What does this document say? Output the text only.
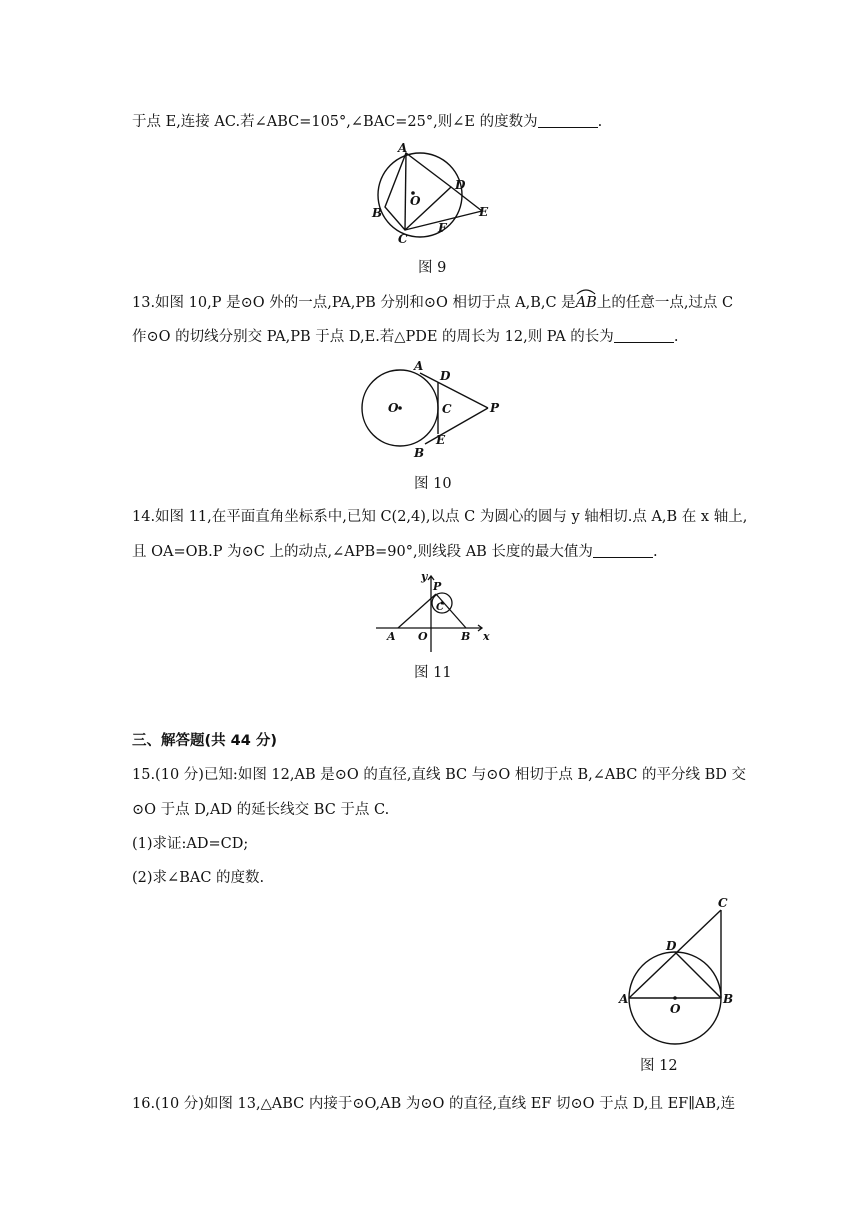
于点 E,连接 AC.若∠ABC=105°,∠BAC=25°,则∠E 的度数为	.
A
B
C
D
E
F
O
图 9
13.如图 10,P 是⊙O 外的一点,PA,PB 分别和⊙O 相切于点 A,B,C 是
AB上的任意一点,过点 C
作⊙O 的切线分别交 PA,PB 于点 D,E.若△PDE 的周长为 12,则 PA 的长为	.
A
B
C
D
E
P
O
图 10
14.如图 11,在平面直角坐标系中,已知 C(2,4),以点 C 为圆心的圆与 y 轴相切.点 A,B 在 x 轴上,
且 OA=OB.P 为⊙C 上的动点,∠APB=90°,则线段 AB 长度的最大值为	.
y
x
P
C
A O	B
图 11
三、解答题(共 44 分)
15.(10 分)已知:如图 12,AB 是⊙O 的直径,直线 BC 与⊙O 相切于点 B,∠ABC 的平分线 BD 交
⊙O 于点 D,AD 的延长线交 BC 于点 C.
(1)求证:AD=CD;
(2)求∠BAC 的度数.
A	B
C
D
O
图 12
16.(10 分)如图 13,△ABC 内接于⊙O,AB 为⊙O 的直径,直线 EF 切⊙O 于点 D,且 EF∥AB,连
